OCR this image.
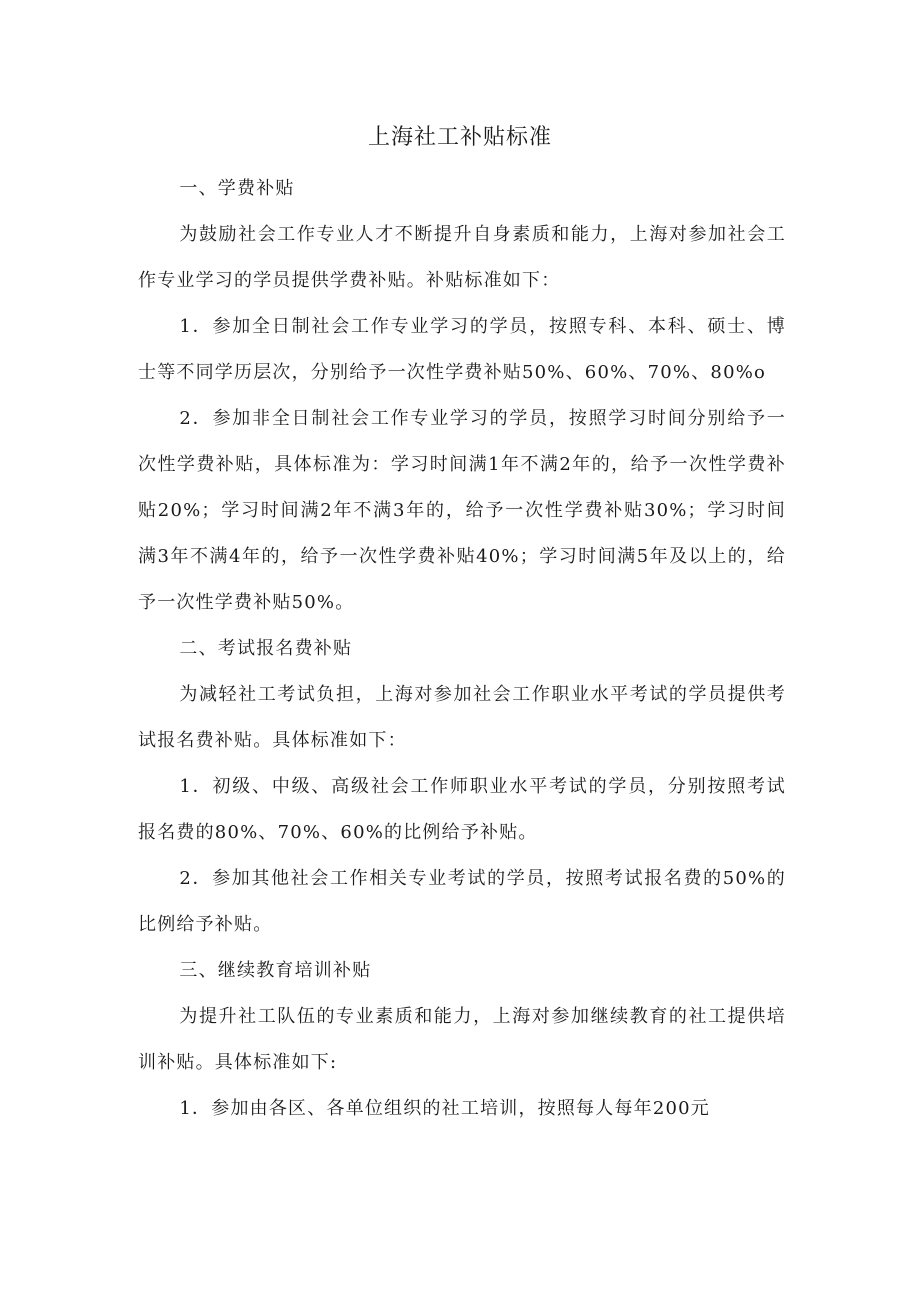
上海社工补贴标准

一、学费补贴

为鼓励社会工作专业人才不断提升自身素质和能力，上海对参加社会工作专业学习的学员提供学费补贴。补贴标准如下：

1．参加全日制社会工作专业学习的学员，按照专科、本科、硕士、博士等不同学历层次，分别给予一次性学费补贴50%、60%、70%、80%o

2．参加非全日制社会工作专业学习的学员，按照学习时间分别给予一次性学费补贴，具体标准为：学习时间满1年不满2年的，给予一次性学费补贴20%；学习时间满2年不满3年的，给予一次性学费补贴30%；学习时间满3年不满4年的，给予一次性学费补贴40%；学习时间满5年及以上的，给予一次性学费补贴50%。

二、考试报名费补贴

为减轻社工考试负担，上海对参加社会工作职业水平考试的学员提供考试报名费补贴。具体标准如下：

1．初级、中级、高级社会工作师职业水平考试的学员，分别按照考试报名费的80%、70%、60%的比例给予补贴。

2．参加其他社会工作相关专业考试的学员，按照考试报名费的50%的比例给予补贴。

三、继续教育培训补贴

为提升社工队伍的专业素质和能力，上海对参加继续教育的社工提供培训补贴。具体标准如下:

1．参加由各区、各单位组织的社工培训，按照每人每年200元
